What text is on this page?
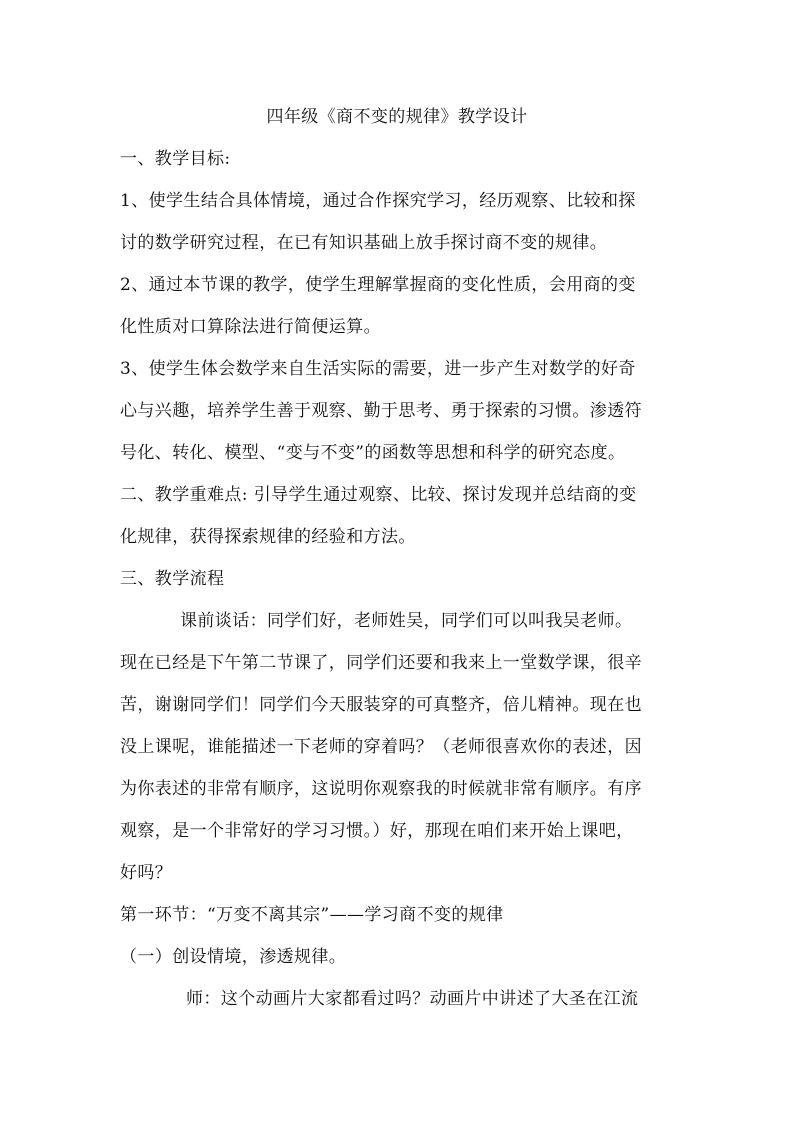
四年级《商不变的规律》教学设计
一、教学目标:
1、使学生结合具体情境，通过合作探究学习，经历观察、比较和探
讨的数学研究过程，在已有知识基础上放手探讨商不变的规律。
2、通过本节课的教学，使学生理解掌握商的变化性质，会用商的变
化性质对口算除法进行简便运算。
3、使学生体会数学来自生活实际的需要，进一步产生对数学的好奇
心与兴趣，培养学生善于观察、勤于思考、勇于探索的习惯。渗透符
号化、转化、模型、“变与不变”的函数等思想和科学的研究态度。
二、教学重难点: 引导学生通过观察、比较、探讨发现并总结商的变
化规律，获得探索规律的经验和方法。
三、教学流程
课前谈话：同学们好，老师姓吴，同学们可以叫我吴老师。
现在已经是下午第二节课了，同学们还要和我来上一堂数学课，很辛
苦，谢谢同学们！同学们今天服装穿的可真整齐，倍儿精神。现在也
没上课呢，谁能描述一下老师的穿着吗？（老师很喜欢你的表述，因
为你表述的非常有顺序，这说明你观察我的时候就非常有顺序。有序
观察，是一个非常好的学习习惯。）好，那现在咱们来开始上课吧，
好吗？
第一环节：“万变不离其宗”——学习商不变的规律
（一）创设情境，渗透规律。
师：这个动画片大家都看过吗？动画片中讲述了大圣在江流
